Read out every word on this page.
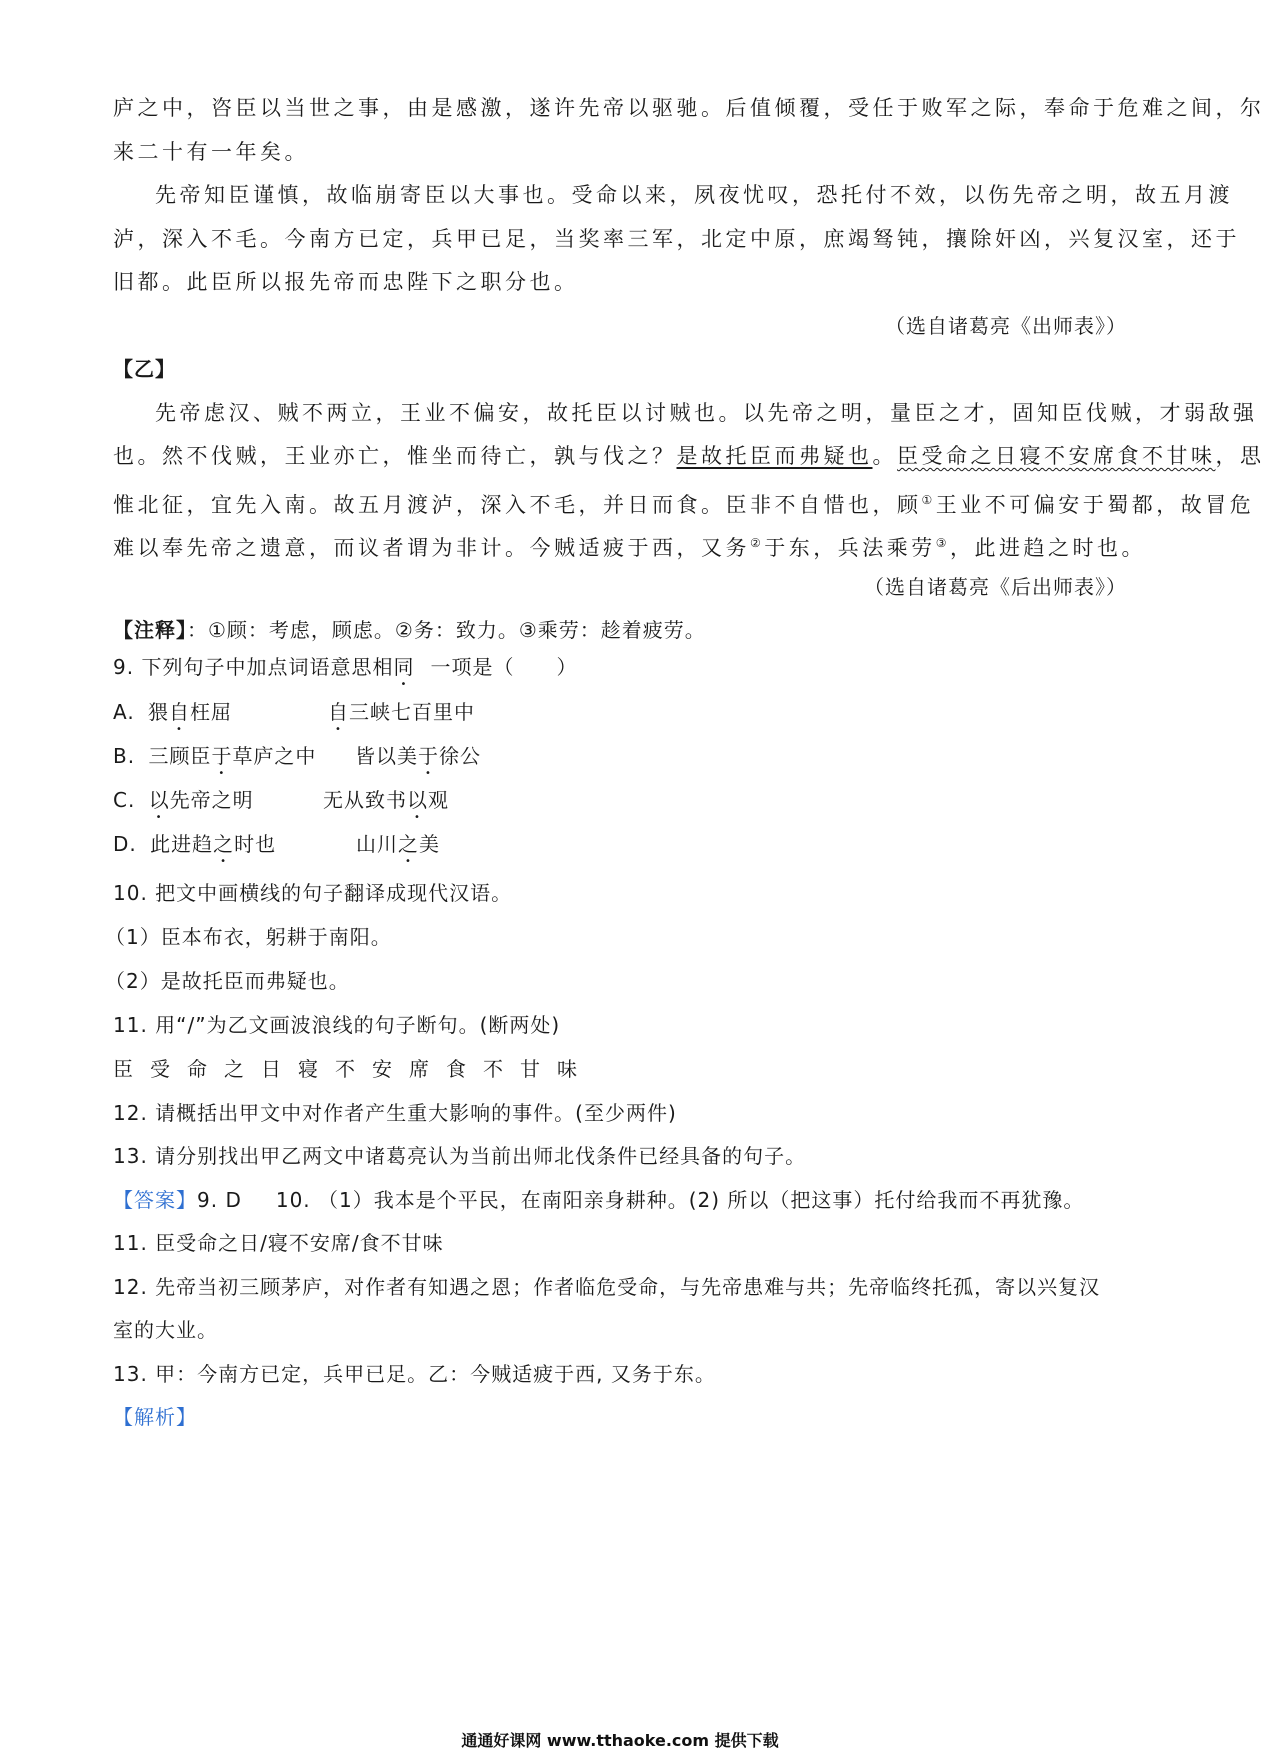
庐之中，咨臣以当世之事，由是感激，遂许先帝以驱驰。后值倾覆，受任于败军之际，奉命于危难之间，尔
来二十有一年矣。
先帝知臣谨慎，故临崩寄臣以大事也。受命以来，夙夜忧叹，恐托付不效，以伤先帝之明，故五月渡
泸，深入不毛。今南方已定，兵甲已足，当奖率三军，北定中原，庶竭驽钝，攘除奸凶，兴复汉室，还于
旧都。此臣所以报先帝而忠陛下之职分也。
（选自诸葛亮《出师表》）
【乙】
先帝虑汉、贼不两立，王业不偏安，故托臣以讨贼也。以先帝之明，量臣之才，固知臣伐贼，才弱敌强
也。然不伐贼，王业亦亡，惟坐而待亡，孰与伐之？是故托臣而弗疑也。臣受命之日寝不安席食不甘味，思
惟北征，宜先入南。故五月渡泸，深入不毛，并日而食。臣非不自惜也，顾①王业不可偏安于蜀都，故冒危
难以奉先帝之遗意，而议者谓为非计。今贼适疲于西，又务②于东，兵法乘劳③，此进趋之时也。
（选自诸葛亮《后出师表》）
【注释】：①顾：考虑，顾虑。②务：致力。③乘劳：趁着疲劳。
9. 下列句子中加点词语意思相同 一项是（　　）
A. 猥自枉屈	自三峡七百里中
B. 三顾臣于草庐之中 皆以美于徐公
C. 以先帝之明	无从致书以观
D. 此进趋之时也	山川之美
10. 把文中画横线的句子翻译成现代汉语。
（1）臣本布衣，躬耕于南阳。
（2）是故托臣而弗疑也。
11. 用“/”为乙文画波浪线的句子断句。(断两处)
臣受命之日寝不安席食不甘味
12. 请概括出甲文中对作者产生重大影响的事件。(至少两件)
13. 请分别找出甲乙两文中诸葛亮认为当前出师北伐条件已经具备的句子。
【答案】9. D 10. （1）我本是个平民，在南阳亲身耕种。(2) 所以（把这事）托付给我而不再犹豫。
11. 臣受命之日/寝不安席/食不甘味
12. 先帝当初三顾茅庐，对作者有知遇之恩；作者临危受命，与先帝患难与共；先帝临终托孤，寄以兴复汉
室的大业。
13. 甲：今南方已定，兵甲已足。乙：今贼适疲于西, 又务于东。
【解析】
通通好课网 www.tthaoke.com 提供下载
